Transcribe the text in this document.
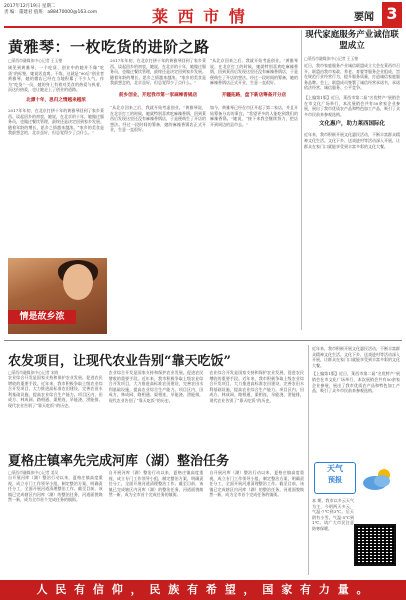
2017年12月19日 星期二
责 编：董建君 值班：a88470000@163.com	莱 西 市 情	要闻 3
黄雅琴：一枚吃货的进阶之路
□莱西市融媒体中心记者 王玉蓥
刚见到黄雅琴，一个吃货、创业中的她并不像“吃货”的标签，她说话直爽、干练，这就是“90后”创业者黄雅琴，她的微店已经在当地积累了不少人气。作为“吃货”一员，她的身上有着对美食的热爱与执着，而这份热爱，也让她走上了创业的道路。
北漂十年，思归之情越来越浓
2017年年初，在北京打拼十年的黄雅琴回到了家乡莱西。谈起回乡的初衷，她说，在北京的十年，她做过服务员，也做过餐饮管理，最终还是决定回到家乡发展。随着年龄的增长，思乡之情越来越浓。“家乡的美食是我最想念的，北京虽好，但总觉得少了点什么。”
2017年年初，在北京打拼十年的黄雅琴回到了家乡莱西。谈起回乡的初衷，她说，在北京的十年，她做过服务员，也做过餐饮管理，最终还是决定回到家乡发展。随着年龄的增长，思乡之情越来越浓。“家乡的美食是我最想念的，北京虽好，但总觉得少了点什么。”
前乡创业，开起我市第一家麻辣香锅店
“从北京回来之后，我就开始考虑创业。”黄雅琴说，在北京打工的时候，她就特别喜欢吃麻辣香锅，回到莱西后发现这里还没有麻辣香锅店，于是便萌生了开店的想法。经过一段时间的筹备，她的麻辣香锅店正式开业，生意一直很好。
“从北京回来之后，我就开始考虑创业。”黄雅琴说，在北京打工的时候，她就特别喜欢吃麻辣香锅，回到莱西后发现这里还没有麻辣香锅店，于是便萌生了开店的想法。经过一段时间的筹备，她的麻辣香锅店正式开业，生意一直很好。
开疆拓路，盘下新店筹备开分店
如今，黄雅琴已经在市区开起了第二家店，并且开始筹备分店的事宜。“希望更多的人能吃到我们的麻辣香锅。”她说，“接下来我会继续努力，把店开到周边的县市去。”
情是故乡浓
现代家庭服务产业诚信联盟成立
□莱西市融媒体中心记者 王玉蓥
近日，我市家庭服务产业诚信联盟成立大会在莱西市召开。联盟由我市家政、养老、育婴等服务企业组成，旨在规范行业经营行为，提升服务质量，打造诚信家庭服务品牌。会上，联盟成员签署了诚信经营承诺书，承诺依法经营、诚信服务、公平竞争。
【上编第1版】近日，莱西市第二届“名优特产”展销会在市文化广场举行，本次展销会共有50余家企业参展，展出了我市优质农产品和特色加工产品，吸引了众多市民前来参观选购。
文化惠户，助力莱西国际化
近年来，我市积极开展文化惠民活动，不断丰富群众精神文化生活。文化下乡、送戏进村等活动深入开展，让群众在家门口就能享受到丰富多彩的文化大餐。
农发项目，让现代农业告别“靠天吃饭”
□莱西市融媒体中心记者 宋晓
农业综合开发是国家支持和保护农业发展、促进农民增收的重要手段。近年来，我市积极争取上级农业综合开发项目，大力推进高标准农田建设，完善农田水利基础设施，提高农业综合生产能力。项目区内，田成方、林成网、路相通、渠相连，旱能浇、涝能排，现代农业告别了“靠天吃饭”的历史。
农业综合开发是国家支持和保护农业发展、促进农民增收的重要手段。近年来，我市积极争取上级农业综合开发项目，大力推进高标准农田建设，完善农田水利基础设施，提高农业综合生产能力。项目区内，田成方、林成网、路相通、渠相连，旱能浇、涝能排，现代农业告别了“靠天吃饭”的历史。
农业综合开发是国家支持和保护农业发展、促进农民增收的重要手段。近年来，我市积极争取上级农业综合开发项目，大力推进高标准农田建设，完善农田水利基础设施，提高农业综合生产能力。项目区内，田成方、林成网、路相通、渠相连，旱能浇、涝能排，现代农业告别了“靠天吃饭”的历史。
夏格庄镇率先完成河库（湖）整治任务
□莱西市融媒体中心记者 姜吴
自开展河库（湖）整治行动以来，夏格庄镇高度重视，成立专门工作领导小组，制定整治方案，明确责任分工，全面开展河道清理整治工作。截至目前，该镇已完成辖区内河库（湖）的整治任务，河道面貌焕然一新，成为全市首个完成任务的镇街。
自开展河库（湖）整治行动以来，夏格庄镇高度重视，成立专门工作领导小组，制定整治方案，明确责任分工，全面开展河道清理整治工作。截至目前，该镇已完成辖区内河库（湖）的整治任务，河道面貌焕然一新，成为全市首个完成任务的镇街。
自开展河库（湖）整治行动以来，夏格庄镇高度重视，成立专门工作领导小组，制定整治方案，明确责任分工，全面开展河道清理整治工作。截至目前，该镇已完成辖区内河库（湖）的整治任务，河道面貌焕然一新，成为全市首个完成任务的镇街。
近年来，我市积极开展文化惠民活动，不断丰富群众精神文化生活。文化下乡、送戏进村等活动深入开展，让群众在家门口就能享受到丰富多彩的文化大餐。
【上编第1版】近日，莱西市第二届“名优特产”展销会在市文化广场举行，本次展销会共有50余家企业参展，展出了我市优质农产品和特色加工产品，吸引了众多市民前来参观选购。
天气
预报
本 期，我市以多云天气为主，今明两天多云，气温-7℃到3℃。后天阴有小雪，气温-5℃到1℃。请广大市民注意防寒保暖。
人 民 有 信 仰 ， 民 族 有 希 望 ， 国 家 有 力 量 。
